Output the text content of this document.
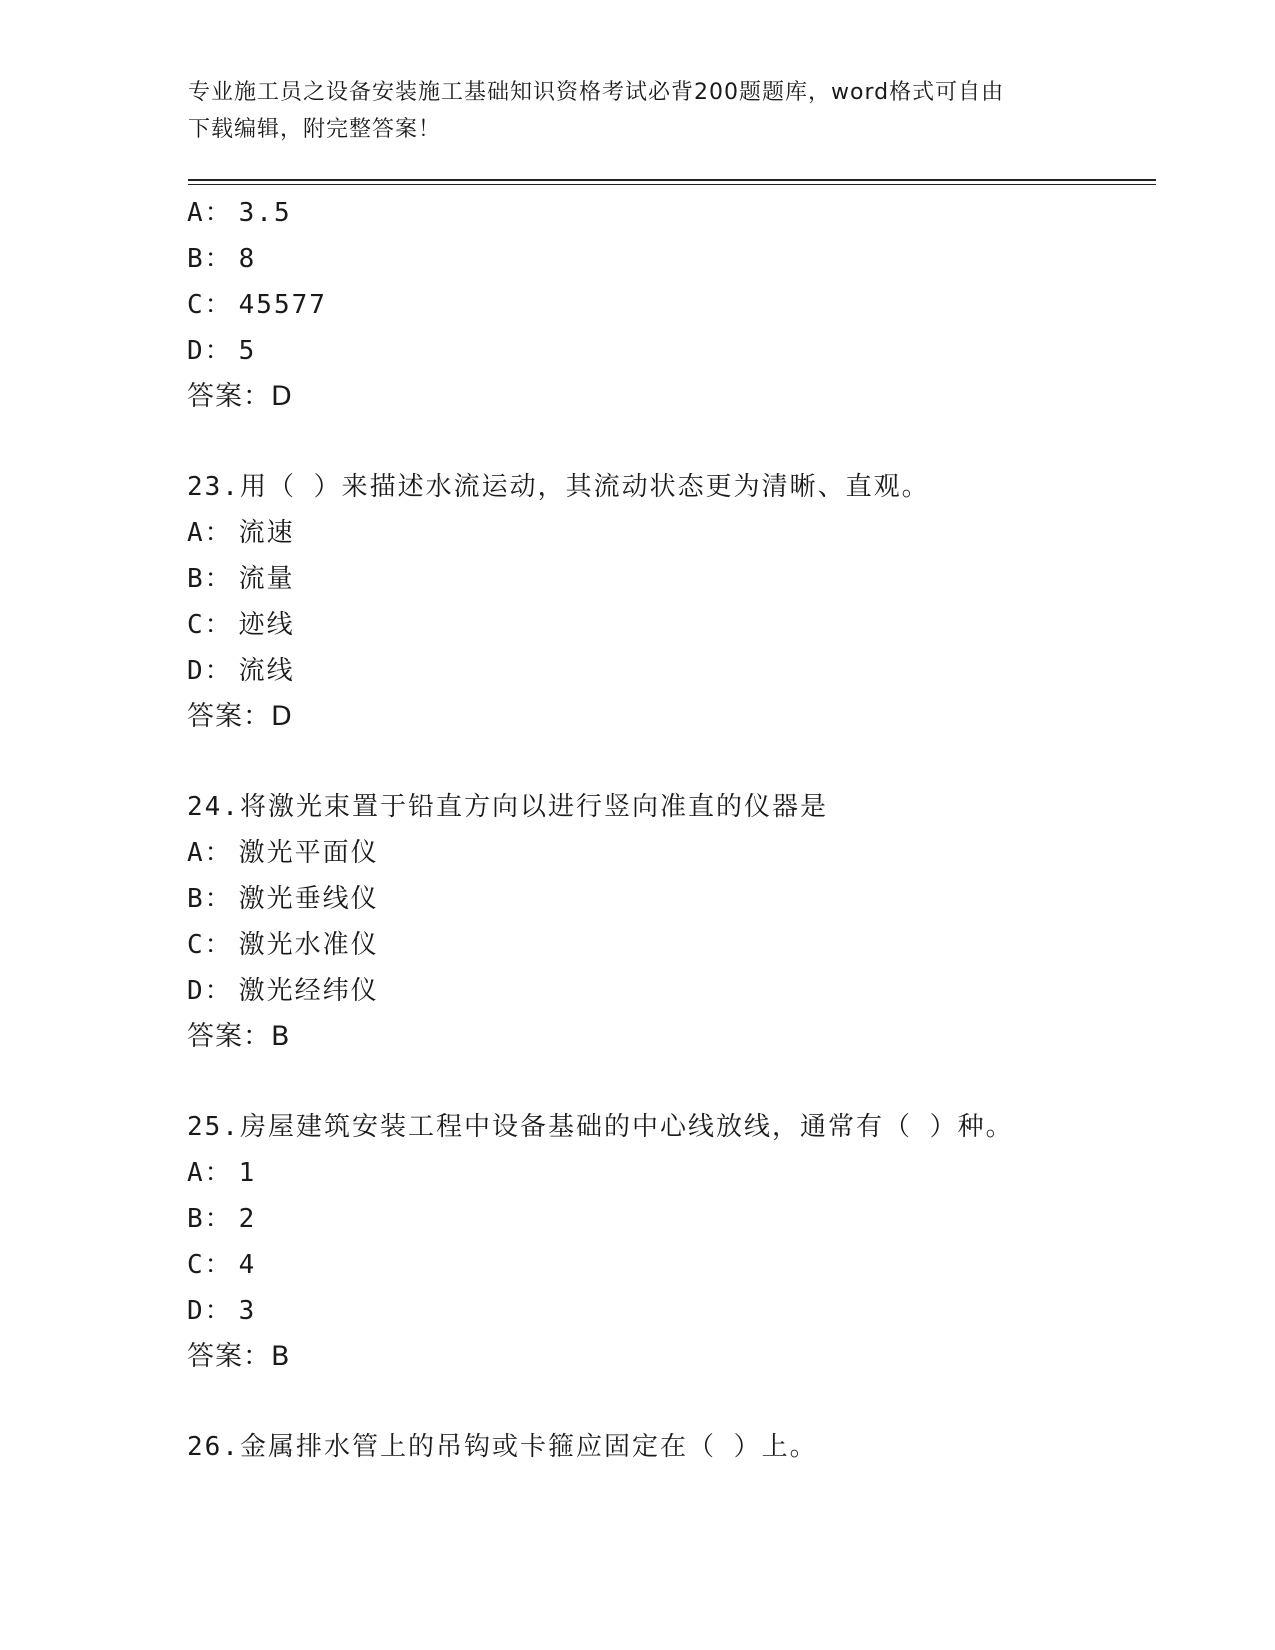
专业施工员之设备安装施工基础知识资格考试必背200题题库，word格式可自由
下载编辑，附完整答案！
A： 3.5
B： 8
C： 45577
D： 5
答案：D
23.用（ ）来描述水流运动，其流动状态更为清晰、直观。
A： 流速
B： 流量
C： 迹线
D： 流线
答案：D
24.将激光束置于铅直方向以进行竖向准直的仪器是
A： 激光平面仪
B： 激光垂线仪
C： 激光水准仪
D： 激光经纬仪
答案：B
25.房屋建筑安装工程中设备基础的中心线放线，通常有（ ）种。
A： 1
B： 2
C： 4
D： 3
答案：B
26.金属排水管上的吊钩或卡箍应固定在（ ）上。
